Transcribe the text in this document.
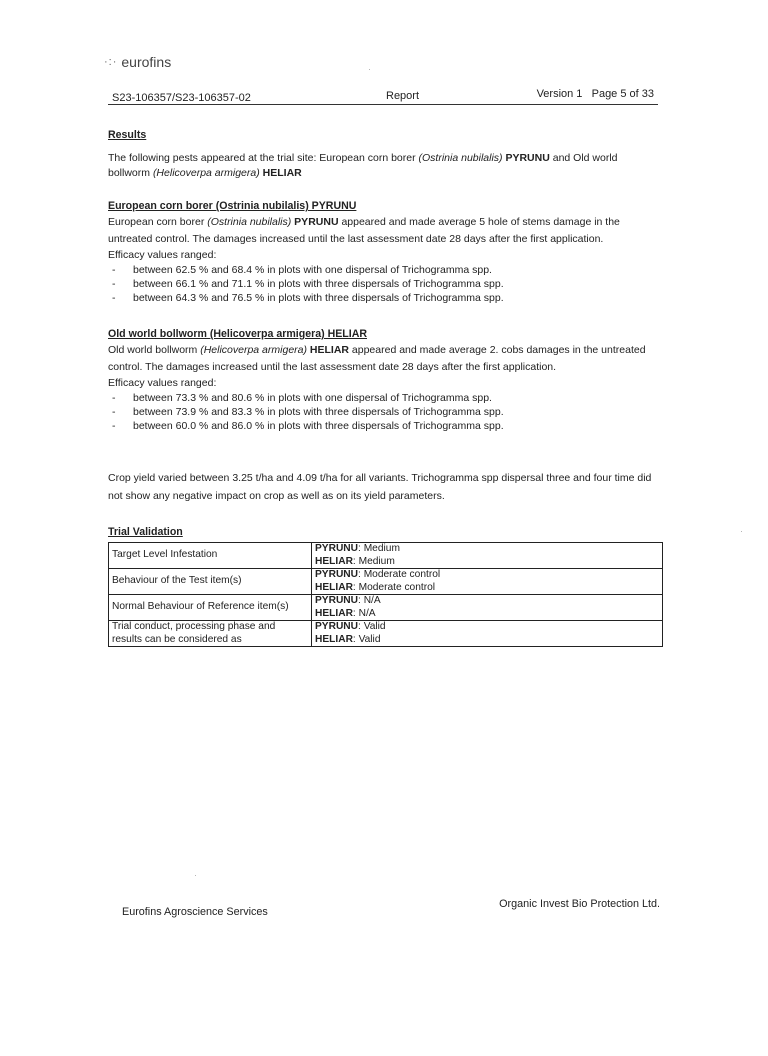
·:· eurofins
S23-106357/S23-106357-02	Report	Version 1 Page 5 of 33

Results

The following pests appeared at the trial site: European corn borer (Ostrinia nubilalis) PYRUNU and Old world bollworm (Helicoverpa armigera) HELIAR

European corn borer (Ostrinia nubilalis) PYRUNU

European corn borer (Ostrinia nubilalis) PYRUNU appeared and made average 5 hole of stems damage in the untreated control. The damages increased until the last assessment date 28 days after the first application.

Efficacy values ranged:

- between 62.5 % and 68.4 % in plots with one dispersal of Trichogramma spp.
- between 66.1 % and 71.1 % in plots with three dispersals of Trichogramma spp.
- between 64.3 % and 76.5 % in plots with three dispersals of Trichogramma spp.

Old world bollworm (Helicoverpa armigera) HELIAR

Old world bollworm (Helicoverpa armigera) HELIAR appeared and made average 2. cobs damages in the untreated control. The damages increased until the last assessment date 28 days after the first application.

Efficacy values ranged:

- between 73.3 % and 80.6 % in plots with one dispersal of Trichogramma spp.
- between 73.9 % and 83.3 % in plots with three dispersals of Trichogramma spp.
- between 60.0 % and 86.0 % in plots with three dispersals of Trichogramma spp.

Crop yield varied between 3.25 t/ha and 4.09 t/ha for all variants. Trichogramma spp dispersal three and four time did not show any negative impact on crop as well as on its yield parameters.

Trial Validation

Target Level Infestation	PYRUNU: Medium
HELIAR: Medium

Behaviour of the Test item(s)	PYRUNU: Moderate control
HELIAR: Moderate control

Normal Behaviour of Reference item(s)	PYRUNU: N/A
HELIAR: N/A

Trial conduct, processing phase and results can be considered as	PYRUNU: Valid
HELIAR: Valid
Eurofins Agroscience Services
Organic Invest Bio Protection Ltd.
·
·
·
